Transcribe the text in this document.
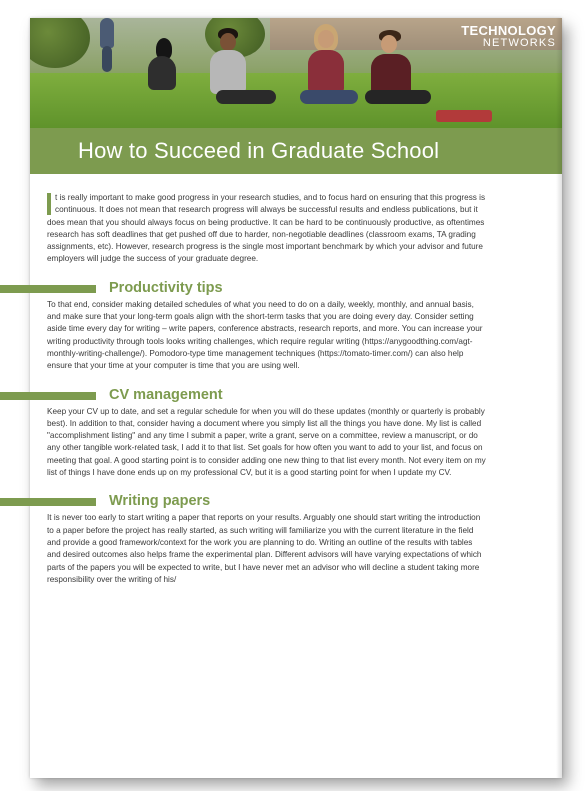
TECHNOLOGY
NETWORKS
How to Succeed in Graduate School

t is really important to make good progress in your research studies, and to focus hard on ensuring that this progress is continuous. It does not mean that research progress will always be successful results and endless publications, but it does mean that you should always focus on being productive. It can be hard to be continuously productive, as oftentimes research has soft deadlines that get pushed off due to harder, non-negotiable deadlines (classroom exams, TA grading assignments, etc). However, research progress is the single most important benchmark by which your advisor and future employers will judge the success of your graduate degree.

Productivity tips

To that end, consider making detailed schedules of what you need to do on a daily, weekly, monthly, and annual basis, and make sure that your long-term goals align with the short-term tasks that you are doing every day. Consider setting aside time every day for writing – write papers, conference abstracts, research reports, and more. You can increase your writing productivity through tools looks writing challenges, which require regular writing (https://anygoodthing.com/agt-monthly-writing-challenge/). Pomodoro-type time management techniques (https://tomato-timer.com/) can also help ensure that your time at your computer is time that you are using well.

CV management

Keep your CV up to date, and set a regular schedule for when you will do these updates (monthly or quarterly is probably best). In addition to that, consider having a document where you simply list all the things you have done. My list is called "accomplishment listing" and any time I submit a paper, write a grant, serve on a committee, review a manuscript, or do any other tangible work-related task, I add it to that list. Set goals for how often you want to add to your list, and focus on meeting that goal. A good starting point is to consider adding one new thing to that list every month. Not every item on my list of things I have done ends up on my professional CV, but it is a good starting point for when I update my CV.

Writing papers

It is never too early to start writing a paper that reports on your results. Arguably one should start writing the introduction to a paper before the project has really started, as such writing will familiarize you with the current literature in the field and provide a good framework/context for the work you are planning to do. Writing an outline of the results with tables and desired outcomes also helps frame the experimental plan. Different advisors will have varying expectations of which parts of the papers you will be expected to write, but I have never met an advisor who will decline a student taking more responsibility over the writing of his/
